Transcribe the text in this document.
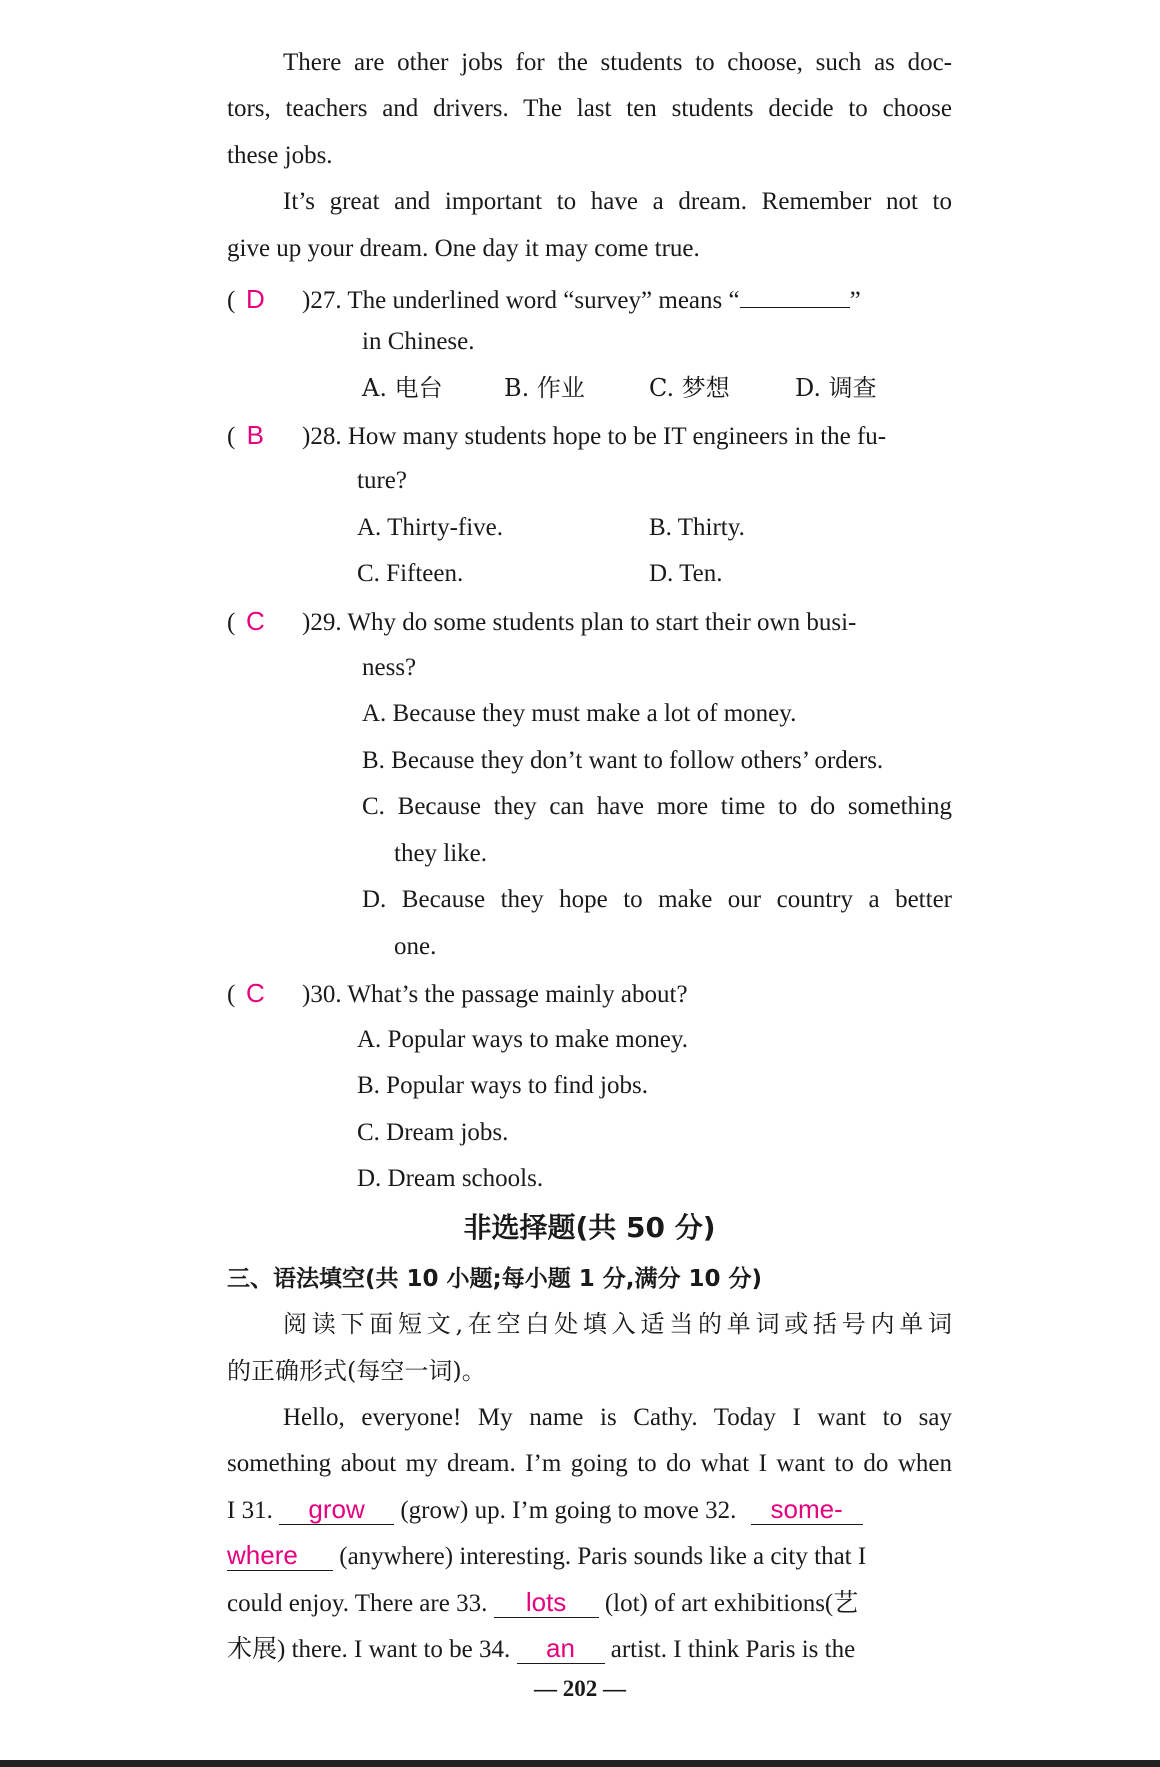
There are other jobs for the students to choose, such as doc-
tors, teachers and drivers. The last ten students decide to choose
these jobs.
It’s great and important to have a dream. Remember not to
give up your dream. One day it may come true.
( D )27. The underlined word “survey” means “	”
in Chinese.
A. 电台	B. 作业	C. 梦想	D. 调查
( B )28. How many students hope to be IT engineers in the fu-
ture?
A. Thirty-five.	B. Thirty.
C. Fifteen.	D. Ten.
( C )29. Why do some students plan to start their own busi-
ness?
A. Because they must make a lot of money.
B. Because they don’t want to follow others’ orders.
C. Because they can have more time to do something
they like.
D. Because they hope to make our country a better
one.
( C )30. What’s the passage mainly about?
A. Popular ways to make money.
B. Popular ways to find jobs.
C. Dream jobs.
D. Dream schools.
非选择题(共 50 分)
三、语法填空(共 10 小题;每小题 1 分,满分 10 分)
阅读下面短文,在空白处填入适当的单词或括号内单词
的正确形式(每空一词)。
Hello, everyone! My name is Cathy. Today I want to say
something about my dream. I’m going to do what I want to do when
I 31. grow (grow) up. I’m going to move 32. some-
where (anywhere) interesting. Paris sounds like a city that I
could enjoy. There are 33. lots (lot) of art exhibitions(艺
术展) there. I want to be 34. an artist. I think Paris is the
— 202 —
